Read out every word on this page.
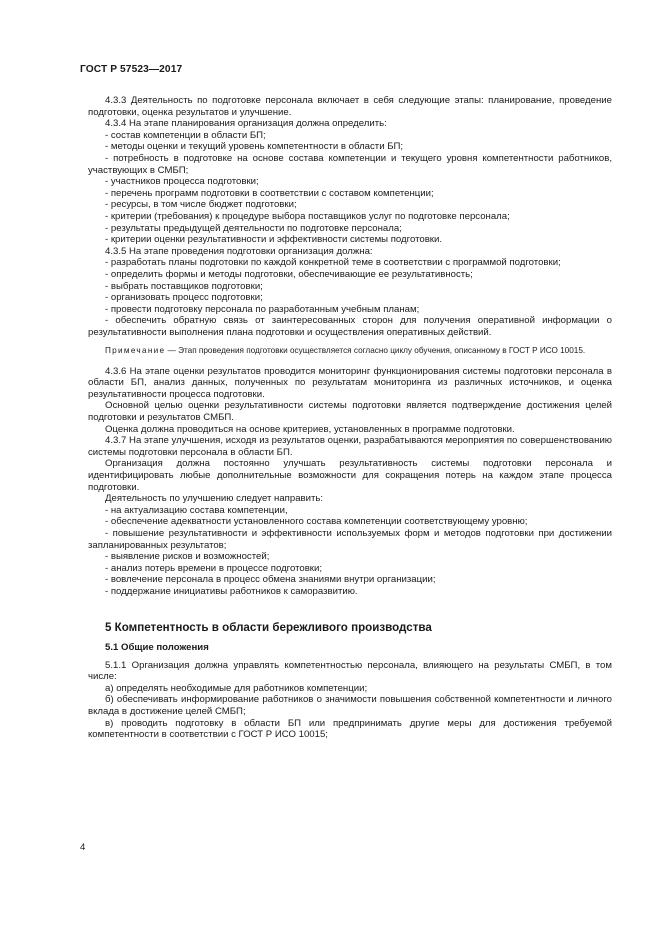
ГОСТ Р 57523—2017

4.3.3 Деятельность по подготовке персонала включает в себя следующие этапы: планирование, проведение подготовки, оценка результатов и улучшение.

4.3.4 На этапе планирования организация должна определить:

- состав компетенции в области БП;

- методы оценки и текущий уровень компетентности в области БП;

- потребность в подготовке на основе состава компетенции и текущего уровня компетентности работников, участвующих в СМБП;

- участников процесса подготовки;

- перечень программ подготовки в соответствии с составом компетенции;

- ресурсы, в том числе бюджет подготовки;

- критерии (требования) к процедуре выбора поставщиков услуг по подготовке персонала;

- результаты предыдущей деятельности по подготовке персонала;

- критерии оценки результативности и эффективности системы подготовки.

4.3.5 На этапе проведения подготовки организация должна:

- разработать планы подготовки по каждой конкретной теме в соответствии с программой подготовки;

- определить формы и методы подготовки, обеспечивающие ее результативность;

- выбрать поставщиков подготовки;

- организовать процесс подготовки;

- провести подготовку персонала по разработанным учебным планам;

- обеспечить обратную связь от заинтересованных сторон для получения оперативной информации о результативности выполнения плана подготовки и осуществления оперативных действий.

Примечание — Этап проведения подготовки осуществляется согласно циклу обучения, описанному в ГОСТ Р ИСО 10015.

4.3.6 На этапе оценки результатов проводится мониторинг функционирования системы подготовки персонала в области БП, анализ данных, полученных по результатам мониторинга из различных источников, и оценка результативности процесса подготовки.

Основной целью оценки результативности системы подготовки является подтверждение достижения целей подготовки и результатов СМБП.

Оценка должна проводиться на основе критериев, установленных в программе подготовки.

4.3.7 На этапе улучшения, исходя из результатов оценки, разрабатываются мероприятия по совершенствованию системы подготовки персонала в области БП.

Организация должна постоянно улучшать результативность системы подготовки персонала и идентифицировать любые дополнительные возможности для сокращения потерь на каждом этапе процесса подготовки.

Деятельность по улучшению следует направить:

- на актуализацию состава компетенции,

- обеспечение адекватности установленного состава компетенции соответствующему уровню;

- повышение результативности и эффективности используемых форм и методов подготовки при достижении запланированных результатов;

- выявление рисков и возможностей;

- анализ потерь времени в процессе подготовки;

- вовлечение персонала в процесс обмена знаниями внутри организации;

- поддержание инициативы работников к саморазвитию.

5 Компетентность в области бережливого производства
5.1 Общие положения

5.1.1 Организация должна управлять компетентностью персонала, влияющего на результаты СМБП, в том числе:

а) определять необходимые для работников компетенции;

б) обеспечивать информирование работников о значимости повышения собственной компетентности и личного вклада в достижение целей СМБП;

в) проводить подготовку в области БП или предпринимать другие меры для достижения требуемой компетентности в соответствии с ГОСТ Р ИСО 10015;

4
